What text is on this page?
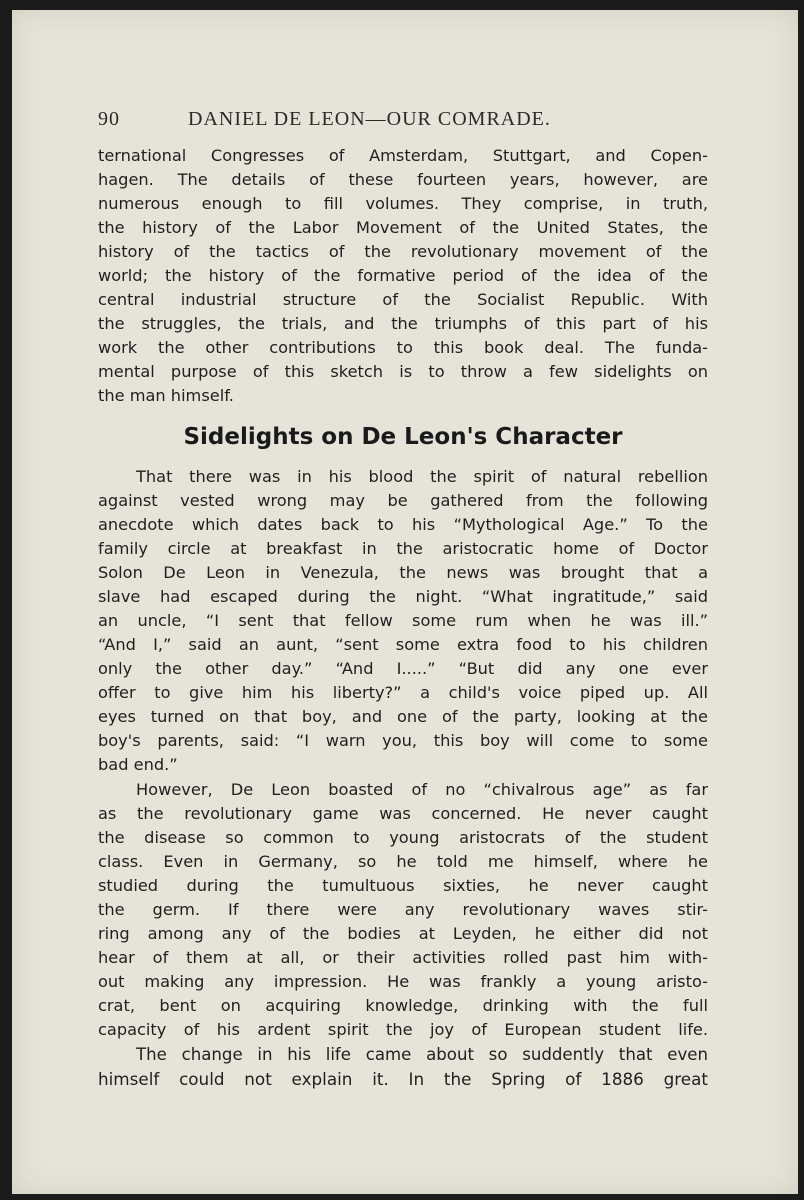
90	DANIEL DE LEON—OUR COMRADE.
ternational Congresses of Amsterdam, Stuttgart, and Copen-
hagen. The details of these fourteen years, however, are
numerous enough to fill volumes. They comprise, in truth,
the history of the Labor Movement of the United States, the
history of the tactics of the revolutionary movement of the
world; the history of the formative period of the idea of the
central industrial structure of the Socialist Republic. With
the struggles, the trials, and the triumphs of this part of his
work the other contributions to this book deal. The funda-
mental purpose of this sketch is to throw a few sidelights on
the man himself.
Sidelights on De Leon's Character
That there was in his blood the spirit of natural rebellion
against vested wrong may be gathered from the following
anecdote which dates back to his “Mythological Age.” To the
family circle at breakfast in the aristocratic home of Doctor
Solon De Leon in Venezula, the news was brought that a
slave had escaped during the night. “What ingratitude,” said
an uncle, “I sent that fellow some rum when he was ill.”
“And I,” said an aunt, “sent some extra food to his children
only the other day.” “And I.....” “But did any one ever
offer to give him his liberty?” a child's voice piped up. All
eyes turned on that boy, and one of the party, looking at the
boy's parents, said: “I warn you, this boy will come to some
bad end.”
However, De Leon boasted of no “chivalrous age” as far
as the revolutionary game was concerned. He never caught
the disease so common to young aristocrats of the student
class. Even in Germany, so he told me himself, where he
studied during the tumultuous sixties, he never caught
the germ. If there were any revolutionary waves stir-
ring among any of the bodies at Leyden, he either did not
hear of them at all, or their activities rolled past him with-
out making any impression. He was frankly a young aristo-
crat, bent on acquiring knowledge, drinking with the full
capacity of his ardent spirit the joy of European student life.
The change in his life came about so suddently that even
himself could not explain it. In the Spring of 1886 great
